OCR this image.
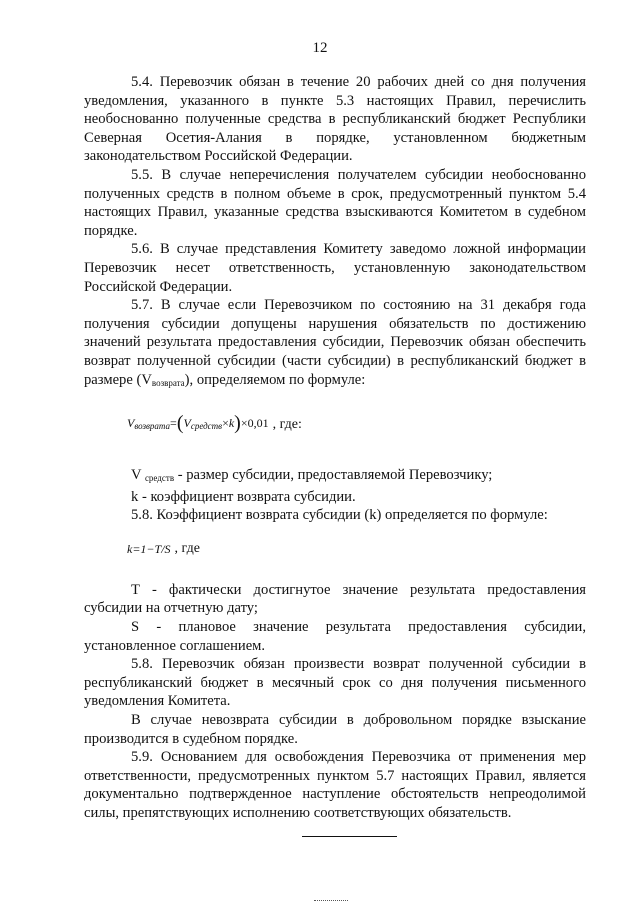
12

5.4. Перевозчик обязан в течение 20 рабочих дней со дня получения уведомления, указанного в пункте 5.3 настоящих Правил, перечислить необоснованно полученные средства в республиканский бюджет Республики Северная Осетия-Алания в порядке, установленном бюджетным законодательством Российской Федерации.

5.5. В случае неперечисления получателем субсидии необоснованно полученных средств в полном объеме в срок, предусмотренный пунктом 5.4 настоящих Правил, указанные средства взыскиваются Комитетом в судебном порядке.

5.6. В случае представления Комитету заведомо ложной информации Перевозчик несет ответственность, установленную законодательством Российской Федерации.

5.7. В случае если Перевозчиком по состоянию на 31 декабря года получения субсидии допущены нарушения обязательств по достижению значений результата предоставления субсидии, Перевозчик обязан обеспечить возврат полученной субсидии (части субсидии) в республиканский бюджет в размере $(V_{возврата})$, определяемом по формуле:

$V_{возврата}=(V_{средств}\times k)\times 0,01$ , где:

V $_{средств}$ - размер субсидии, предоставляемой Перевозчику;

k - коэффициент возврата субсидии.

5.8. Коэффициент возврата субсидии (k) определяется по формуле:

k=1−T/S , где

Т - фактически достигнутое значение результата предоставления субсидии на отчетную дату;

S - плановое значение результата предоставления субсидии, установленное соглашением.

5.8. Перевозчик обязан произвести возврат полученной субсидии в республиканский бюджет в месячный срок со дня получения письменного уведомления Комитета.

В случае невозврата субсидии в добровольном порядке взыскание производится в судебном порядке.

5.9. Основанием для освобождения Перевозчика от применения мер ответственности, предусмотренных пунктом 5.7 настоящих Правил, является документально подтвержденное наступление обстоятельств непреодолимой силы, препятствующих исполнению соответствующих обязательств.
